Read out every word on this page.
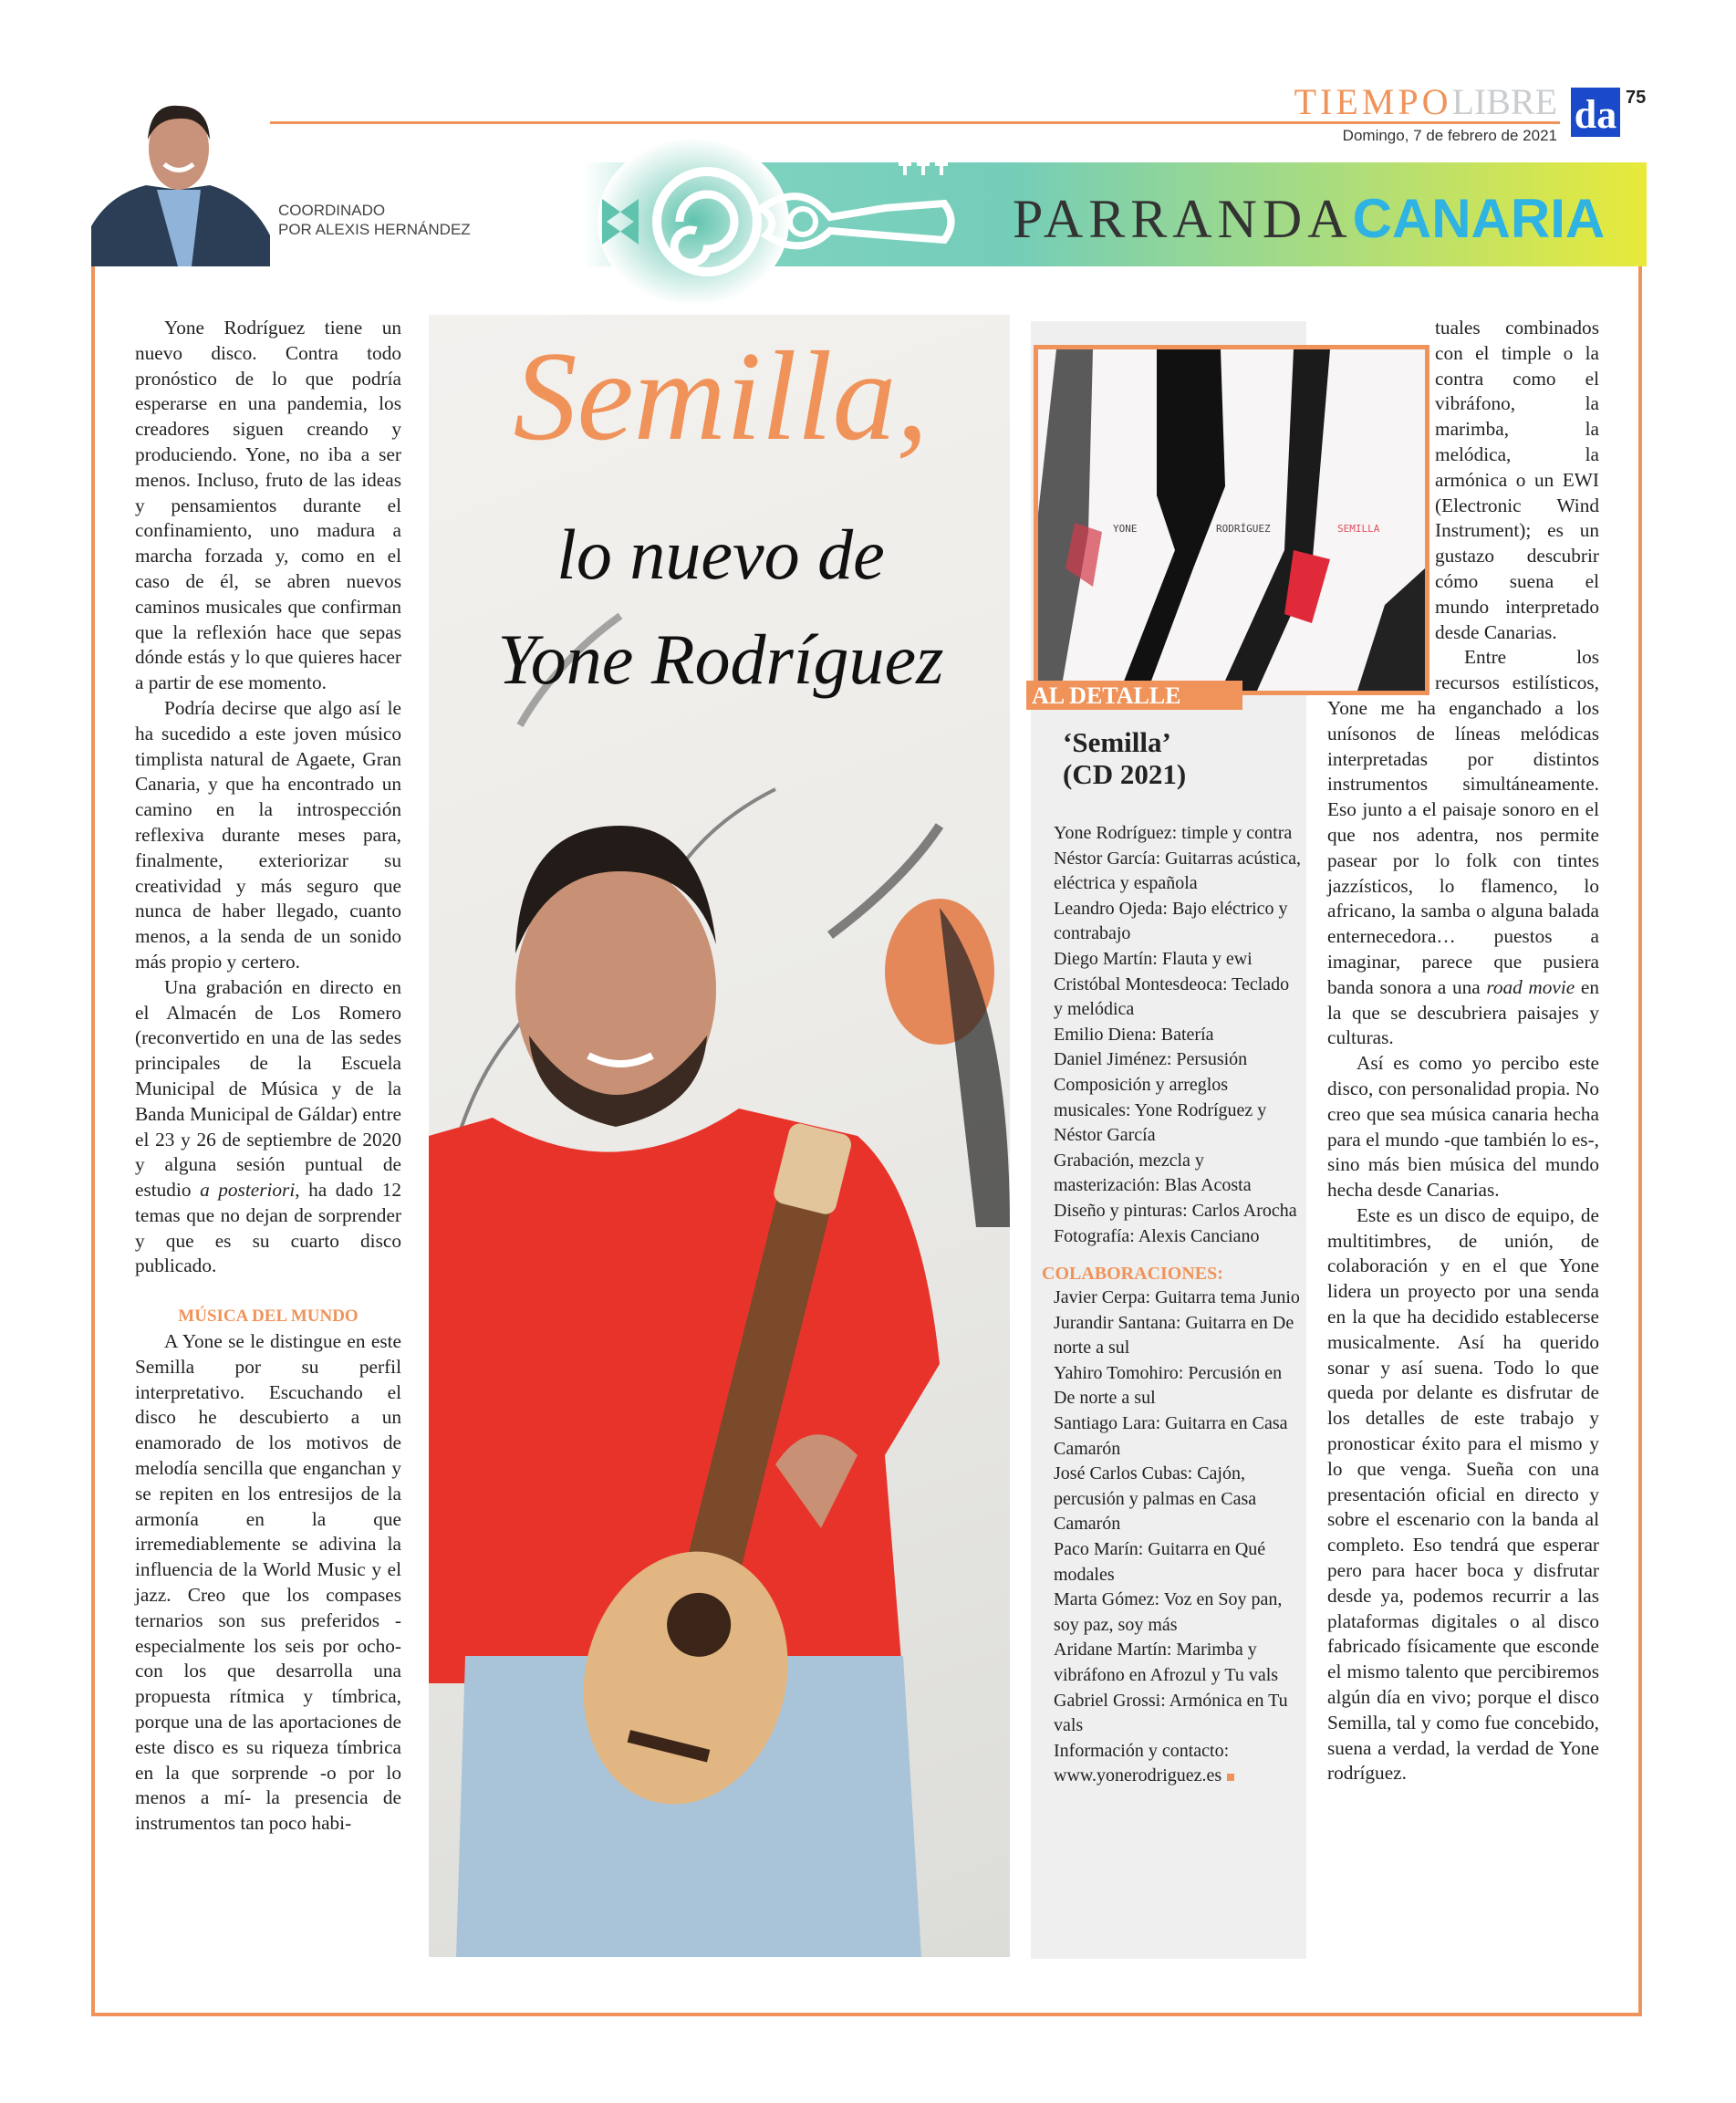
TIEMPOLIBRE
Domingo, 7 de febrero de 2021 da 75
COORDINADO
POR ALEXIS HERNÁNDEZ	PARRANDACANARIA

Yone Rodríguez tiene un nuevo disco. Contra todo pronóstico de lo que podría esperarse en una pandemia, los creadores siguen creando y produciendo. Yone, no iba a ser menos. Incluso, fruto de las ideas y pensamientos durante el confinamiento, uno madura a marcha forzada y, como en el caso de él, se abren nuevos caminos musicales que confirman que la reflexión hace que sepas dónde estás y lo que quieres hacer a partir de ese momento.

Podría decirse que algo así le ha sucedido a este joven músico timplista natural de Agaete, Gran Canaria, y que ha encontrado un camino en la introspección reflexiva durante meses para, finalmente, exteriorizar su creatividad y más seguro que nunca de haber llegado, cuanto menos, a la senda de un sonido más propio y certero.

Una grabación en directo en el Almacén de Los Romero (reconvertido en una de las sedes principales de la Escuela Municipal de Música y de la Banda Municipal de Gáldar) entre el 23 y 26 de septiembre de 2020 y alguna sesión puntual de estudio a posteriori, ha dado 12 temas que no dejan de sorprender y que es su cuarto disco publicado.

MÚSICA DEL MUNDO

A Yone se le distingue en este Semilla por su perfil interpretativo. Escuchando el disco he descubierto a un enamorado de los motivos de melodía sencilla que enganchan y se repiten en los entresijos de la armonía en la que irremediablemente se adivina la influencia de la World Music y el jazz. Creo que los compases ternarios son sus preferidos -especialmente los seis por ocho- con los que desarrolla una propuesta rítmica y tímbrica, porque una de las aportaciones de este disco es su riqueza tímbrica en la que sorprende -o por lo menos a mí- la presencia de instrumentos tan poco habi-

Semilla,
lo nuevo de
Yone Rodríguez
YONE	RODRÍGUEZ	SEMILLA
AL DETALLE
‘Semilla’
(CD 2021)
Yone Rodríguez: timple y contra
Néstor García: Guitarras acústica, eléctrica y española
Leandro Ojeda: Bajo eléctrico y contrabajo
Diego Martín: Flauta y ewi
Cristóbal Montesdeoca: Teclado y melódica
Emilio Diena: Batería
Daniel Jiménez: Persusión
Composición y arreglos musicales: Yone Rodríguez y Néstor García
Grabación, mezcla y masterización: Blas Acosta
Diseño y pinturas: Carlos Arocha
Fotografía: Alexis Canciano
COLABORACIONES:
Javier Cerpa: Guitarra tema Junio
Jurandir Santana: Guitarra en De norte a sul
Yahiro Tomohiro: Percusión en De norte a sul
Santiago Lara: Guitarra en Casa Camarón
José Carlos Cubas: Cajón, percusión y palmas en Casa Camarón
Paco Marín: Guitarra en Qué modales
Marta Gómez: Voz en Soy pan, soy paz, soy más
Aridane Martín: Marimba y vibráfono en Afrozul y Tu vals
Gabriel Grossi: Armónica en Tu vals
Información y contacto:
www.yonerodriguez.es

tuales combinados con el timple o la contra como el vibráfono, la marimba, la melódica, la armónica o un EWI (Electronic Wind Instrument); es un gustazo descubrir cómo suena el mundo interpretado desde Canarias.

Entre los recursos estilísticos, Yone me ha enganchado a los unísonos de líneas melódicas interpretadas por distintos instrumentos simultáneamente. Eso junto a el paisaje sonoro en el que nos adentra, nos permite pasear por lo folk con tintes jazzísticos, lo flamenco, lo africano, la samba o alguna balada enternecedora… puestos a imaginar, parece que pusiera banda sonora a una road movie en la que se descubriera paisajes y culturas.

Así es como yo percibo este disco, con personalidad propia. No creo que sea música canaria hecha para el mundo -que también lo es-, sino más bien música del mundo hecha desde Canarias.

Este es un disco de equipo, de multitimbres, de unión, de colaboración y en el que Yone lidera un proyecto por una senda en la que ha decidido establecerse musicalmente. Así ha querido sonar y así suena. Todo lo que queda por delante es disfrutar de los detalles de este trabajo y pronosticar éxito para el mismo y lo que venga. Sueña con una presentación oficial en directo y sobre el escenario con la banda al completo. Eso tendrá que esperar pero para hacer boca y disfrutar desde ya, podemos recurrir a las plataformas digitales o al disco fabricado físicamente que esconde el mismo talento que percibiremos algún día en vivo; porque el disco Semilla, tal y como fue concebido, suena a verdad, la verdad de Yone rodríguez.
